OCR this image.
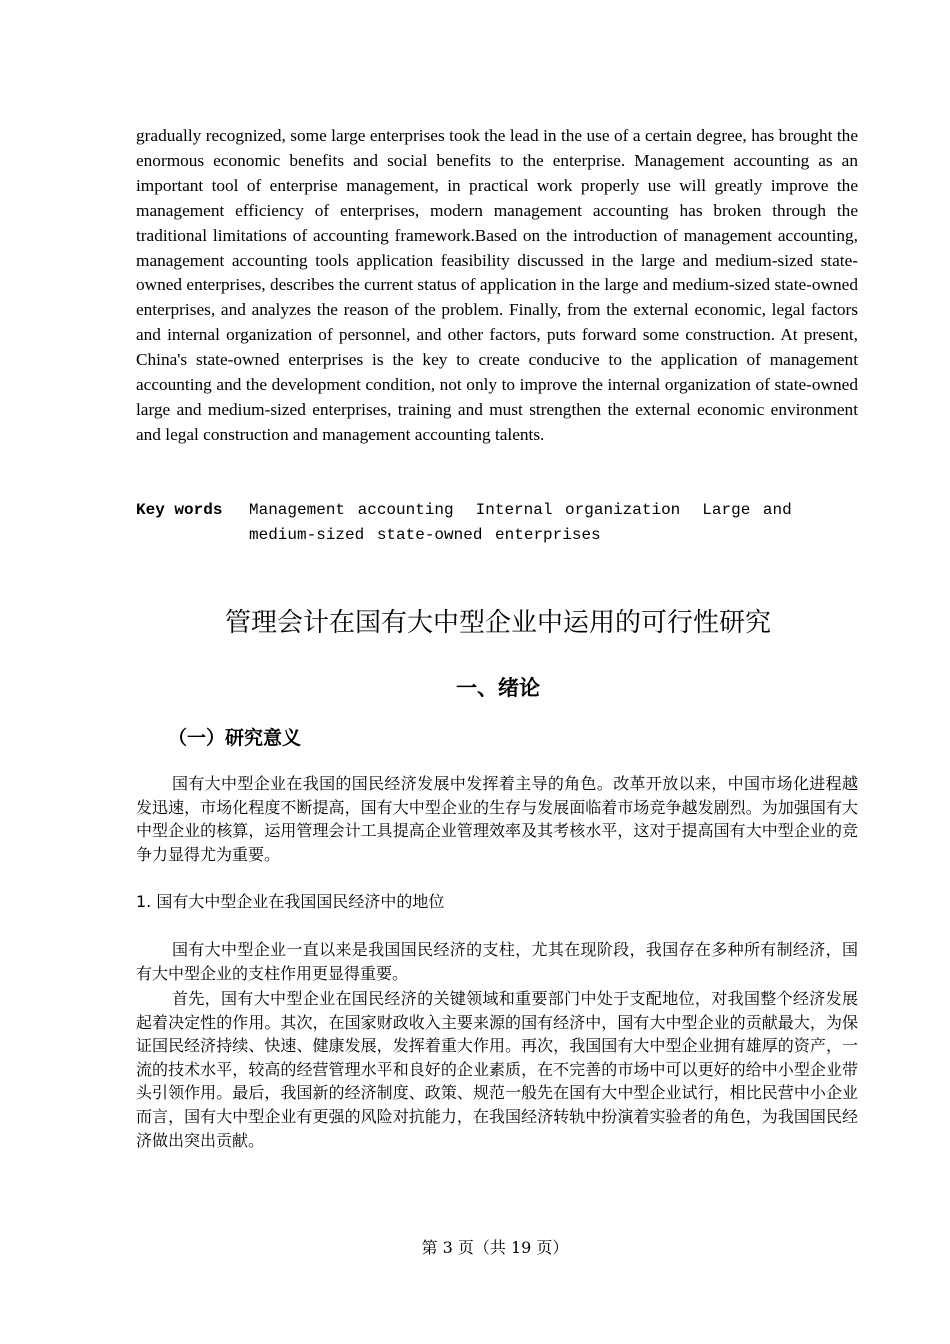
gradually recognized, some large enterprises took the lead in the use of a certain degree, has brought the enormous economic benefits and social benefits to the enterprise. Management accounting as an important tool of enterprise management, in practical work properly use will greatly improve the management efficiency of enterprises, modern management accounting has broken through the traditional limitations of accounting framework.Based on the introduction of management accounting, management accounting tools application feasibility discussed in the large and medium-sized state-owned enterprises, describes the current status of application in the large and medium-sized state-owned enterprises, and analyzes the reason of the problem. Finally, from the external economic, legal factors and internal organization of personnel, and other factors, puts forward some construction. At present, China's state-owned enterprises is the key to create conducive to the application of management accounting and the development condition, not only to improve the internal organization of state-owned large and medium-sized enterprises, training and must strengthen the external economic environment and legal construction and management accounting talents.

Key words Management accounting Internal organization Large and medium-sized state-owned enterprises
管理会计在国有大中型企业中运用的可行性研究
一、绪论
（一）研究意义

国有大中型企业在我国的国民经济发展中发挥着主导的角色。改革开放以来，中国市场化进程越发迅速，市场化程度不断提高，国有大中型企业的生存与发展面临着市场竞争越发剧烈。为加强国有大中型企业的核算，运用管理会计工具提高企业管理效率及其考核水平，这对于提高国有大中型企业的竞争力显得尤为重要。

1. 国有大中型企业在我国国民经济中的地位

国有大中型企业一直以来是我国国民经济的支柱，尤其在现阶段，我国存在多种所有制经济，国有大中型企业的支柱作用更显得重要。

首先，国有大中型企业在国民经济的关键领域和重要部门中处于支配地位，对我国整个经济发展起着决定性的作用。其次，在国家财政收入主要来源的国有经济中，国有大中型企业的贡献最大，为保证国民经济持续、快速、健康发展，发挥着重大作用。再次，我国国有大中型企业拥有雄厚的资产，一流的技术水平，较高的经营管理水平和良好的企业素质，在不完善的市场中可以更好的给中小型企业带头引领作用。最后，我国新的经济制度、政策、规范一般先在国有大中型企业试行，相比民营中小企业而言，国有大中型企业有更强的风险对抗能力，在我国经济转轨中扮演着实验者的角色，为我国国民经济做出突出贡献。

第 3 页（共 19 页）
